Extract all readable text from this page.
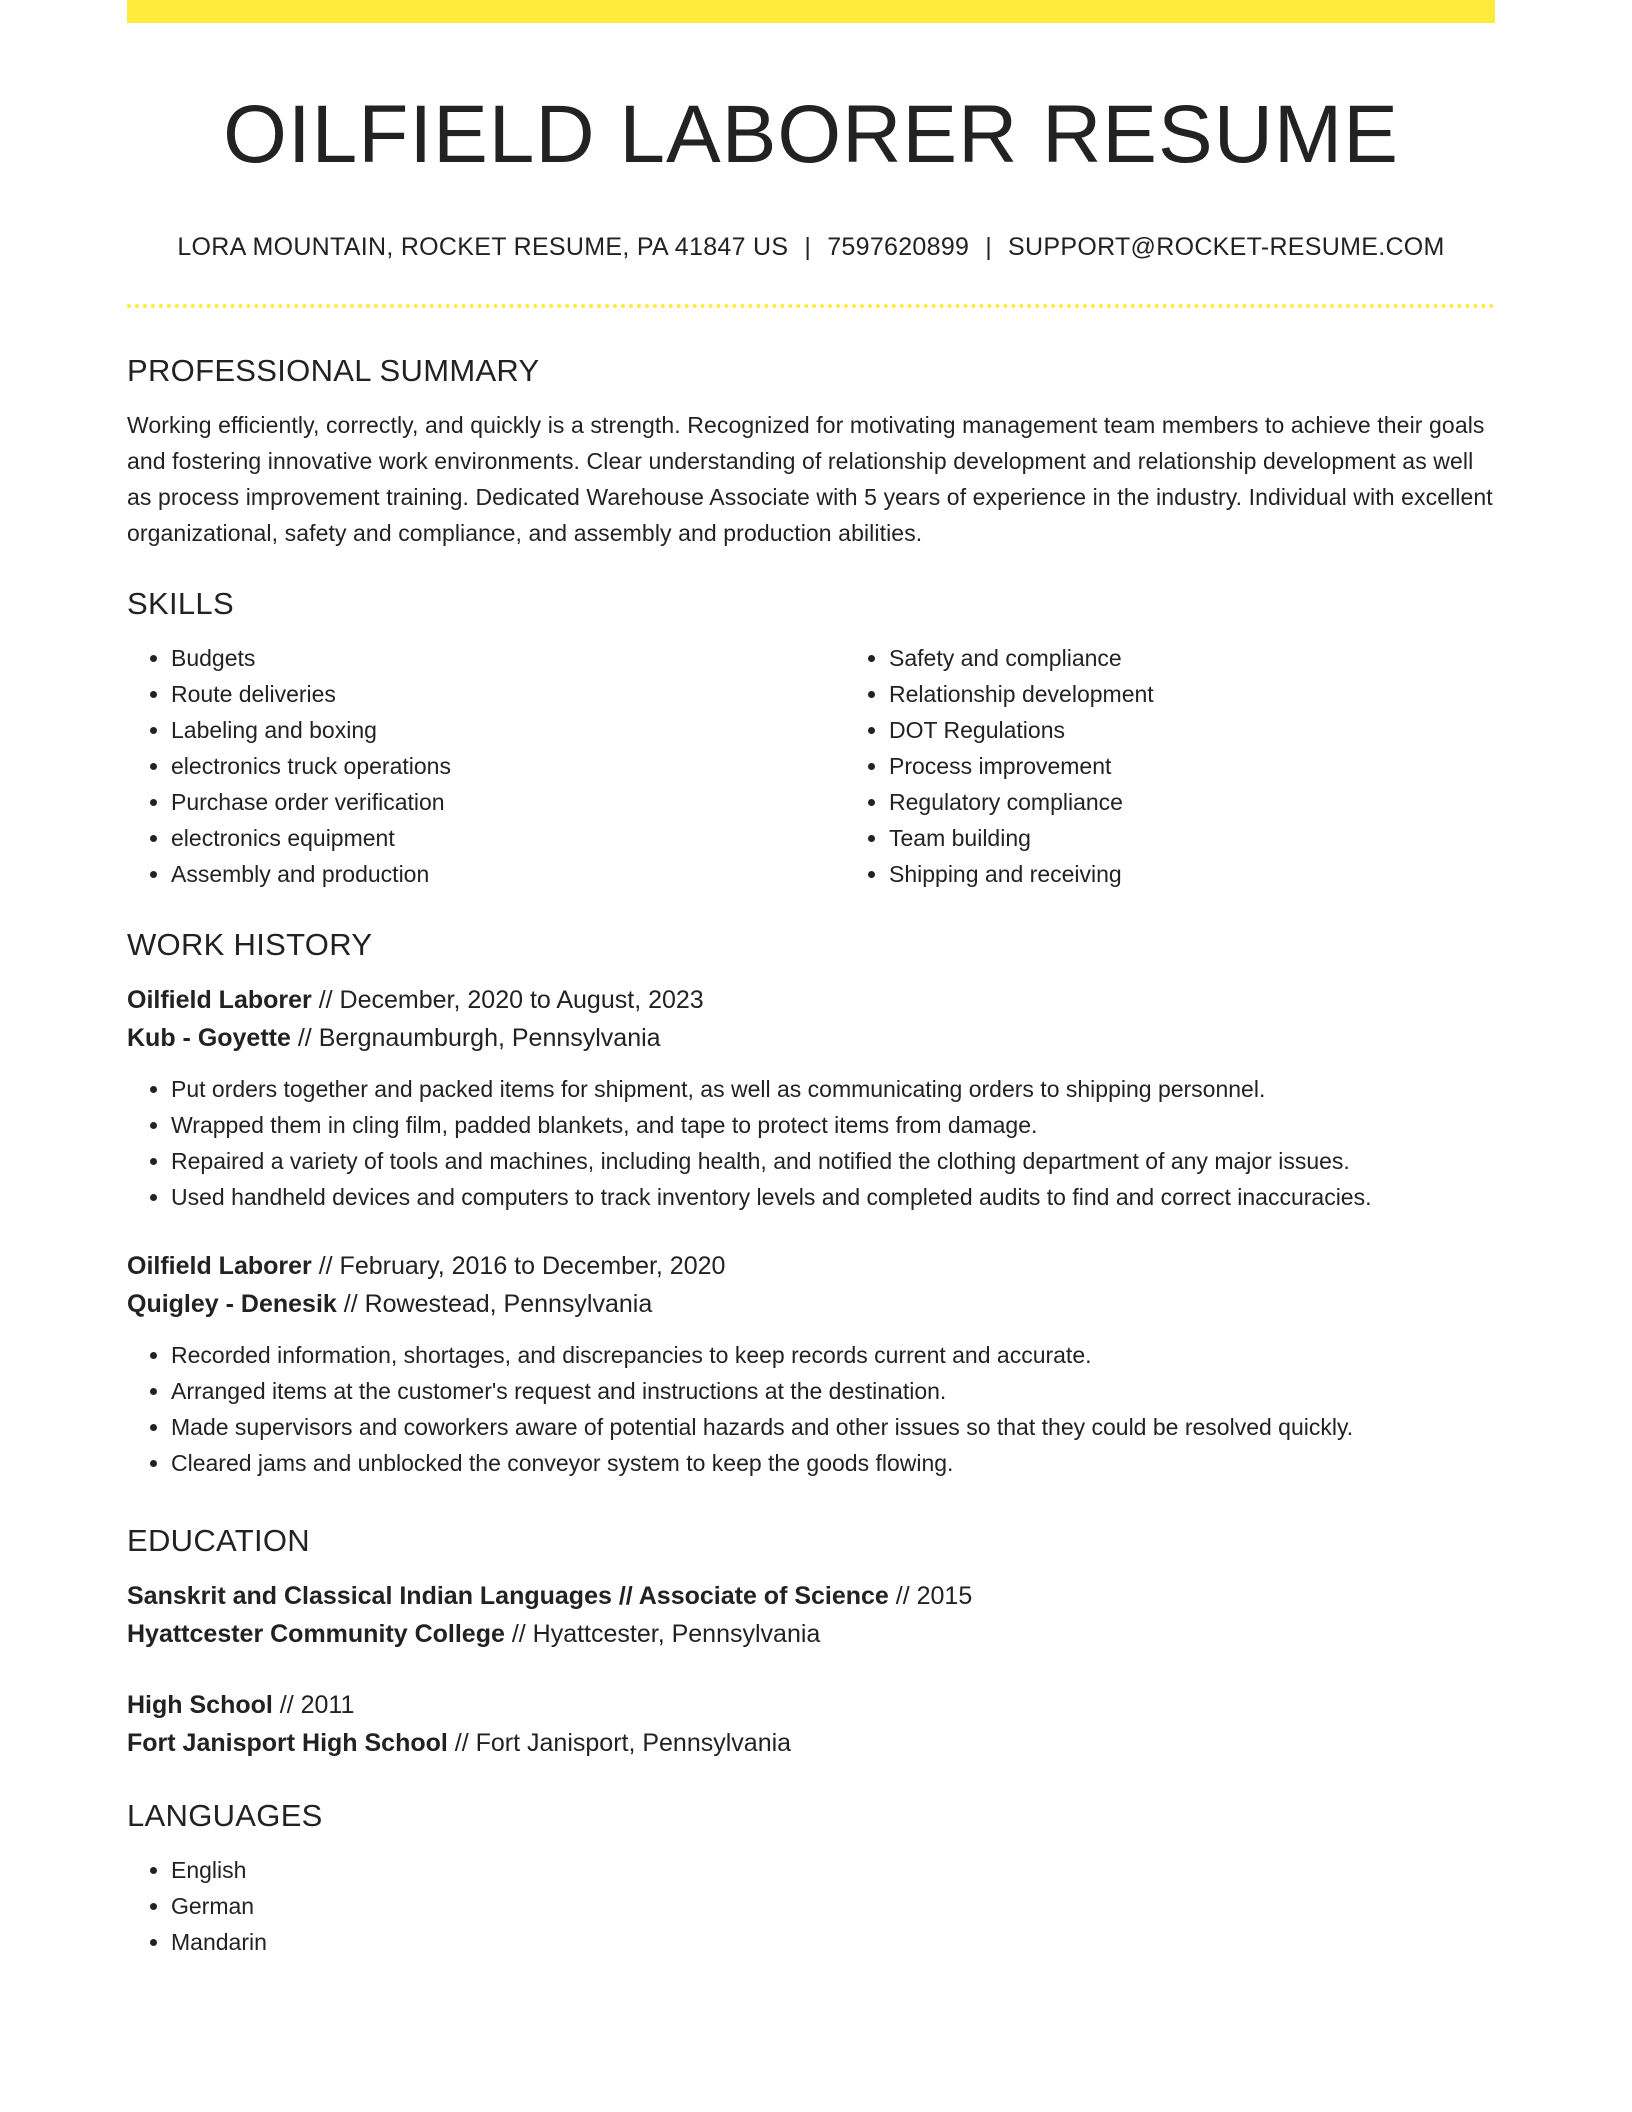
OILFIELD LABORER RESUME
LORA MOUNTAIN, ROCKET RESUME, PA 41847 US | 7597620899 | SUPPORT@ROCKET-RESUME.COM
PROFESSIONAL SUMMARY

Working efficiently, correctly, and quickly is a strength. Recognized for motivating management team members to achieve their goals and fostering innovative work environments. Clear understanding of relationship development and relationship development as well as process improvement training. Dedicated Warehouse Associate with 5 years of experience in the industry. Individual with excellent organizational, safety and compliance, and assembly and production abilities.

SKILLS
• Budgets
• Route deliveries
• Labeling and boxing
• electronics truck operations
• Purchase order verification
• electronics equipment
• Assembly and production
• Safety and compliance
• Relationship development
• DOT Regulations
• Process improvement
• Regulatory compliance
• Team building
• Shipping and receiving
WORK HISTORY
Oilfield Laborer // December, 2020 to August, 2023
Kub - Goyette // Bergnaumburgh, Pennsylvania
• Put orders together and packed items for shipment, as well as communicating orders to shipping personnel.
• Wrapped them in cling film, padded blankets, and tape to protect items from damage.
• Repaired a variety of tools and machines, including health, and notified the clothing department of any major issues.
• Used handheld devices and computers to track inventory levels and completed audits to find and correct inaccuracies.
Oilfield Laborer // February, 2016 to December, 2020
Quigley - Denesik // Rowestead, Pennsylvania
• Recorded information, shortages, and discrepancies to keep records current and accurate.
• Arranged items at the customer's request and instructions at the destination.
• Made supervisors and coworkers aware of potential hazards and other issues so that they could be resolved quickly.
• Cleared jams and unblocked the conveyor system to keep the goods flowing.
EDUCATION
Sanskrit and Classical Indian Languages // Associate of Science // 2015
Hyattcester Community College // Hyattcester, Pennsylvania
High School // 2011
Fort Janisport High School // Fort Janisport, Pennsylvania
LANGUAGES
• English
• German
• Mandarin
